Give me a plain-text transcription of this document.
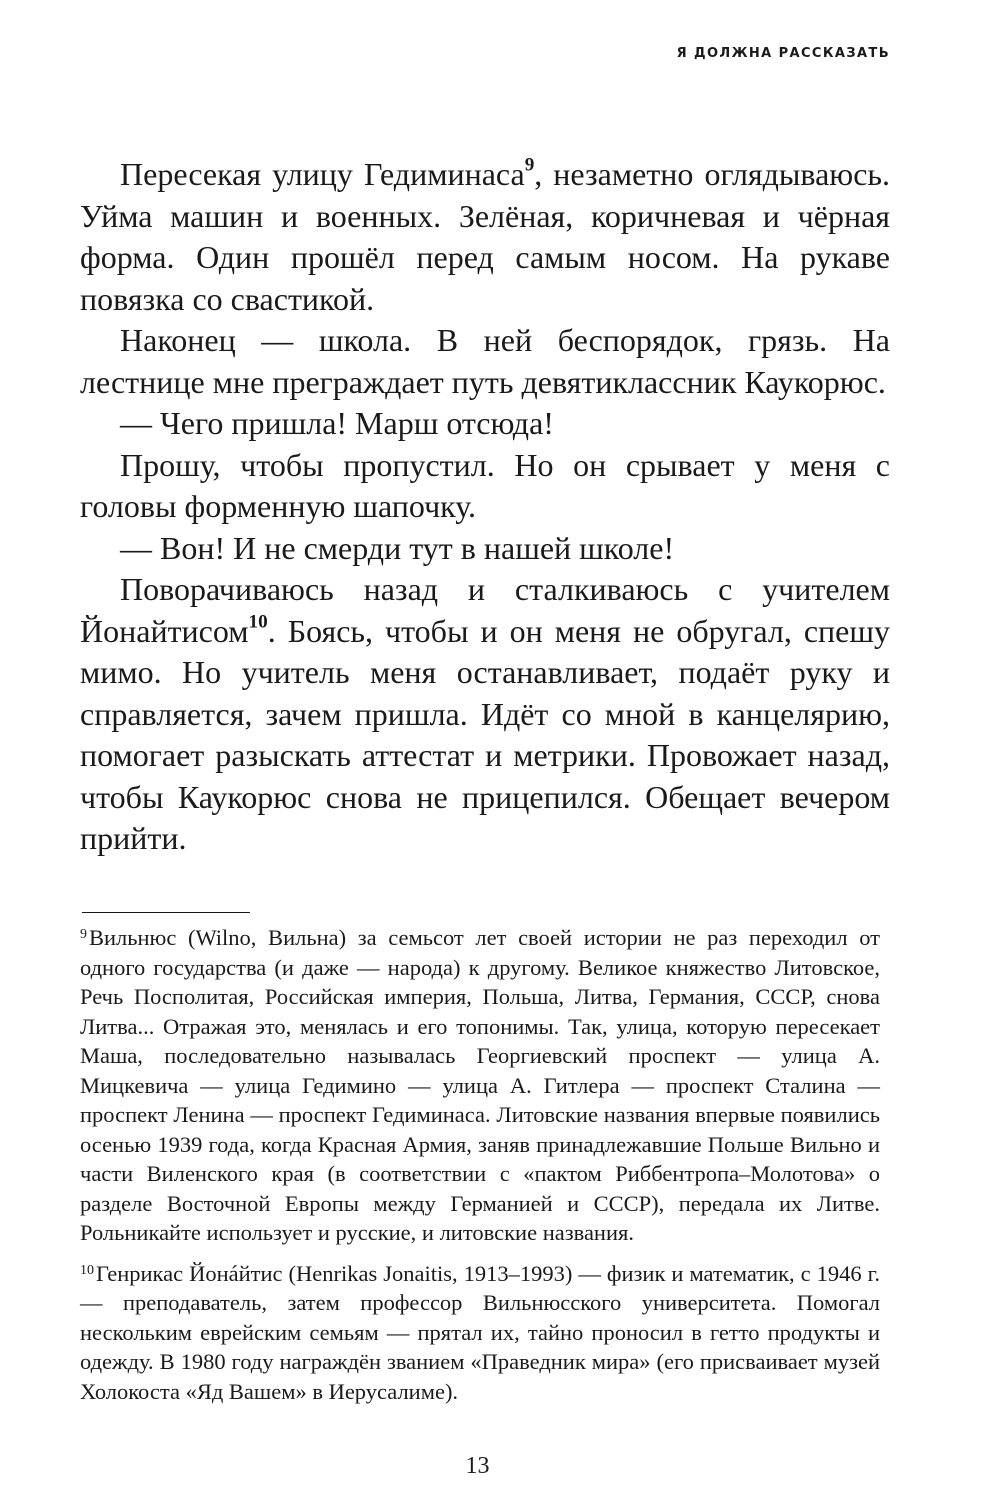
Я ДОЛЖНА РАССКАЗАТЬ

Пересекая улицу Гедиминаса$^9$, незаметно оглядываюсь. Уйма машин и военных. Зелёная, коричневая и чёрная форма. Один прошёл перед самым носом. На рукаве повязка со свастикой.

Наконец — школа. В ней беспорядок, грязь. На лестнице мне преграждает путь девятиклассник Каукорюс.

— Чего пришла! Марш отсюда!

Прошу, чтобы пропустил. Но он срывает у меня с головы форменную шапочку.

— Вон! И не смерди тут в нашей школе!

Поворачиваюсь назад и сталкиваюсь с учителем Йонайтисом$^{10}$. Боясь, чтобы и он меня не обругал, спешу мимо. Но учитель меня останавливает, подаёт руку и справляется, зачем пришла. Идёт со мной в канцелярию, помогает разыскать аттестат и метрики. Провожает назад, чтобы Каукорюс снова не прицепился. Обещает вечером прийти.

$^9$Вильнюс (Wilno, Вильна) за семьсот лет своей истории не раз переходил от одного государства (и даже — народа) к другому. Великое княжество Литовское, Речь Посполитая, Российская империя, Польша, Литва, Германия, СССР, снова Литва... Отражая это, менялась и его топонимы. Так, улица, которую пересекает Маша, последовательно называлась Георгиевский проспект — улица А. Мицкевича — улица Гедимино — улица А. Гитлера — проспект Сталина — проспект Ленина — проспект Гедиминаса. Литовские названия впервые появились осенью 1939 года, когда Красная Армия, заняв принадлежавшие Польше Вильно и части Виленского края (в соответствии с «пактом Риббентропа–Молотова» о разделе Восточной Европы между Германией и СССР), передала их Литве. Рольникайте использует и русские, и литовские названия.

$^{10}$Генрикас Йонáйтис (Henrikas Jonaitis, 1913–1993) — физик и математик, с 1946 г. — преподаватель, затем профессор Вильнюсского университета. Помогал нескольким еврейским семьям — прятал их, тайно проносил в гетто продукты и одежду. В 1980 году награждён званием «Праведник мира» (его присваивает музей Холокоста «Яд Вашем» в Иерусалиме).

13
